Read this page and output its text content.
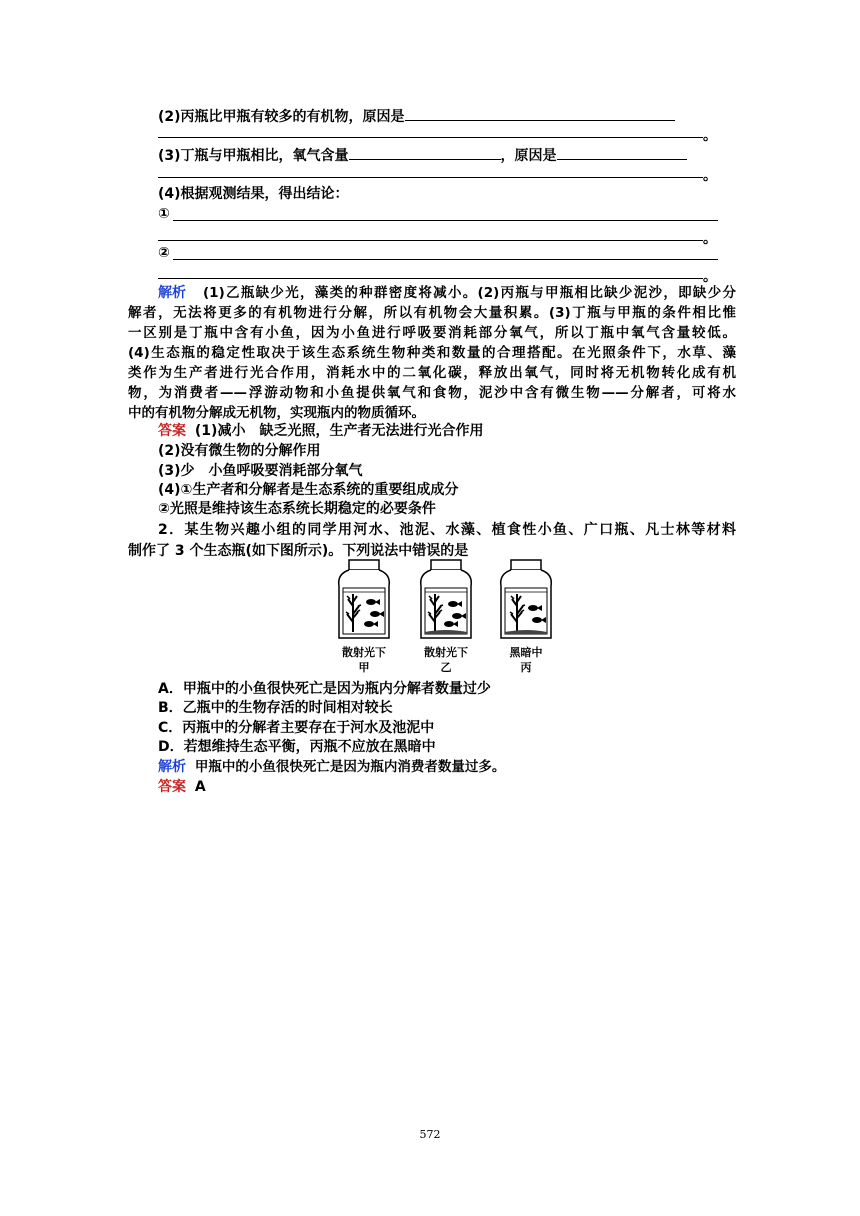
(2)丙瓶比甲瓶有较多的有机物，原因是
。
(3)丁瓶与甲瓶相比，氧气含量	，原因是
。
(4)根据观测结果，得出结论：
①
。
②
。
解析 (1)乙瓶缺少光，藻类的种群密度将减小。(2)丙瓶与甲瓶相比缺少泥沙，即缺少分
解者，无法将更多的有机物进行分解，所以有机物会大量积累。(3)丁瓶与甲瓶的条件相比惟
一区别是丁瓶中含有小鱼，因为小鱼进行呼吸要消耗部分氧气，所以丁瓶中氧气含量较低。
(4)生态瓶的稳定性取决于该生态系统生物种类和数量的合理搭配。在光照条件下，水草、藻
类作为生产者进行光合作用，消耗水中的二氧化碳，释放出氧气，同时将无机物转化成有机
物，为消费者——浮游动物和小鱼提供氧气和食物，泥沙中含有微生物——分解者，可将水
中的有机物分解成无机物，实现瓶内的物质循环。
答案 (1)减小　缺乏光照，生产者无法进行光合作用
(2)没有微生物的分解作用
(3)少　小鱼呼吸要消耗部分氧气
(4)①生产者和分解者是生态系统的重要组成成分
②光照是维持该生态系统长期稳定的必要条件
2．某生物兴趣小组的同学用河水、池泥、水藻、植食性小鱼、广口瓶、凡士林等材料
制作了 3 个生态瓶(如下图所示)。下列说法中错误的是
散射光下
甲
散射光下
乙
黑暗中
丙
A．甲瓶中的小鱼很快死亡是因为瓶内分解者数量过少
B．乙瓶中的生物存活的时间相对较长
C．丙瓶中的分解者主要存在于河水及池泥中
D．若想维持生态平衡，丙瓶不应放在黑暗中
解析 甲瓶中的小鱼很快死亡是因为瓶内消费者数量过多。
答案 A
572
